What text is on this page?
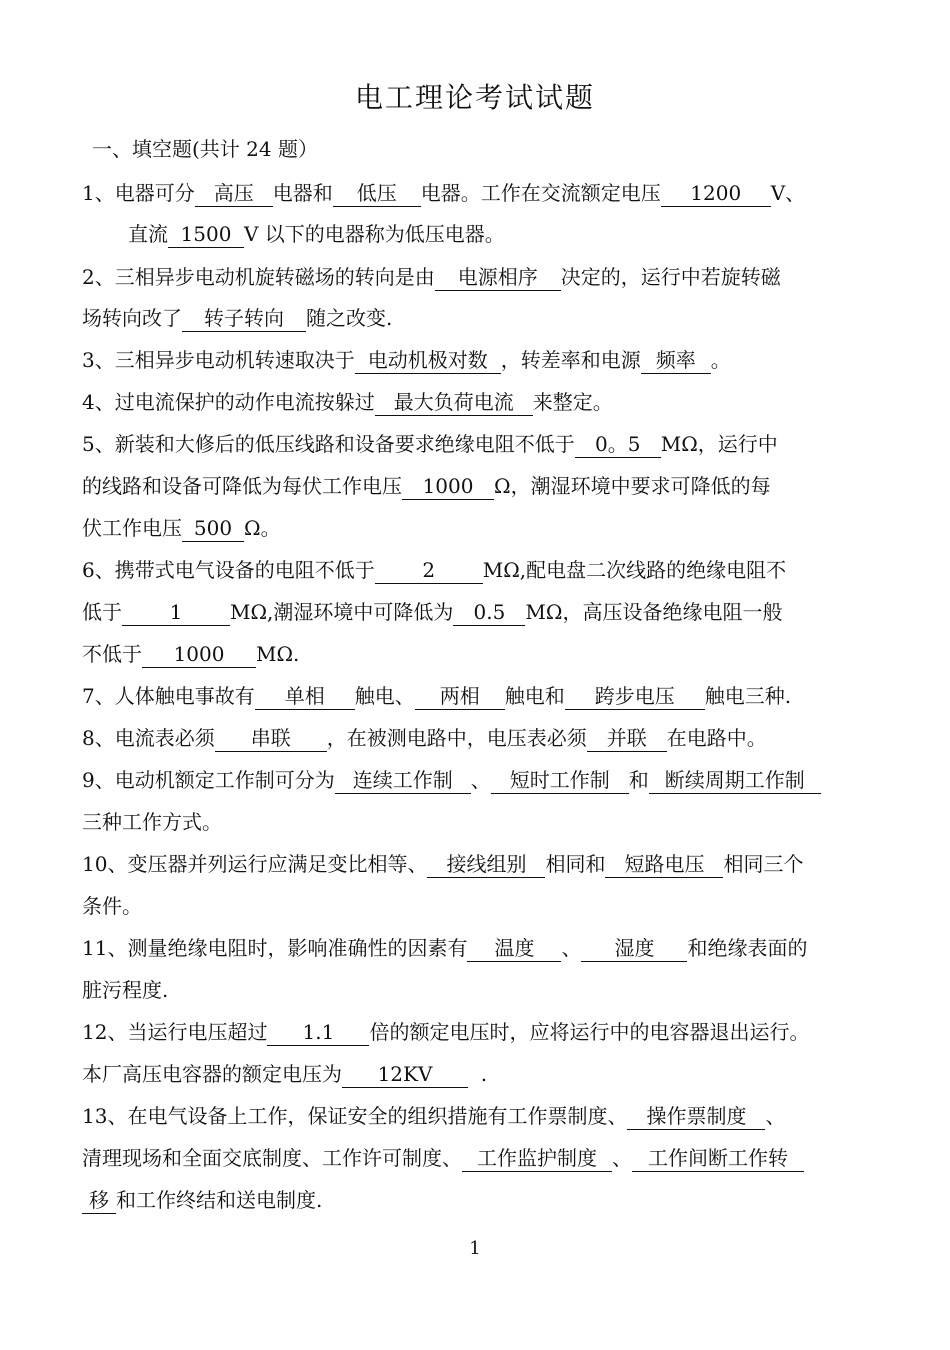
电工理论考试试题
一、填空题(共计 24 题）
1、电器可分 高压 电器和 低压 电器。工作在交流额定电压 1200 V、
直流 1500 V 以下的电器称为低压电器。
2、三相异步电动机旋转磁场的转向是由 电源相序 决定的，运行中若旋转磁
场转向改了 转子转向 随之改变.
3、三相异步电动机转速取决于 电动机极对数 ，转差率和电源 频率 。
4、过电流保护的动作电流按躲过 最大负荷电流 来整定。
5、新装和大修后的低压线路和设备要求绝缘电阻不低于 0。5 MΩ，运行中
的线路和设备可降低为每伏工作电压 1000 Ω，潮湿环境中要求可降低的每
伏工作电压 500 Ω。
6、携带式电气设备的电阻不低于 2 MΩ,配电盘二次线路的绝缘电阻不
低于 1 MΩ,潮湿环境中可降低为 0.5 MΩ，高压设备绝缘电阻一般
不低于 1000 MΩ.
7、人体触电事故有 单相 触电、 两相 触电和 跨步电压 触电三种.
8、电流表必须 串联 ，在被测电路中，电压表必须 并联 在电路中。
9、电动机额定工作制可分为 连续工作制 、 短时工作制 和 断续周期工作制
三种工作方式。
10、变压器并列运行应满足变比相等、 接线组别 相同和 短路电压 相同三个
条件。
11、测量绝缘电阻时，影响准确性的因素有 温度 、 湿度 和绝缘表面的
脏污程度.
12、当运行电压超过 1.1 倍的额定电压时，应将运行中的电容器退出运行。
本厂高压电容器的额定电压为 12KV .
13、在电气设备上工作，保证安全的组织措施有工作票制度、 操作票制度 、
清理现场和全面交底制度、工作许可制度、 工作监护制度 、 工作间断工作转
移 和工作终结和送电制度.
1
